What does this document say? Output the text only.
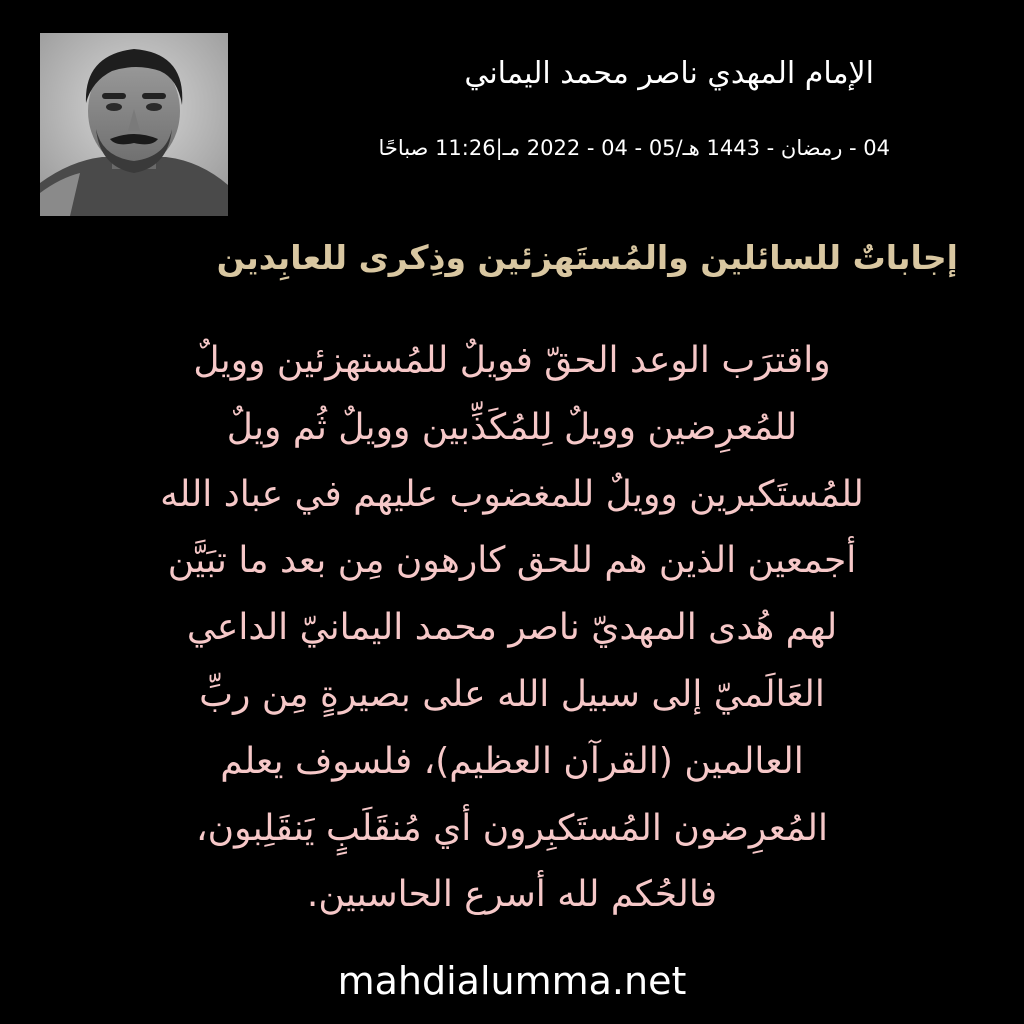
الإمام المهدي ناصر محمد اليماني
04 - رمضان - 1443 هـ/05 - 04 - 2022 مـ|11:26 صباحًا
إجاباتٌ للسائلين والمُستَهزئين وذِكرى للعابِدين
واقترَب الوعد الحقّ فويلٌ للمُستهزئين وويلٌ
للمُعرِضين وويلٌ لِلمُكَذِّبين وويلٌ ثُم ويلٌ
للمُستَكبرين وويلٌ للمغضوب عليهم في عباد الله
أجمعين الذين هم للحق كارهون مِن بعد ما تبَيَّن
لهم هُدى المهديّ ناصر محمد اليمانيّ الداعي
العَالَميّ إلى سبيل الله على بصيرةٍ مِن ربِّ
العالمين (القرآن العظيم)، فلسوف يعلم
المُعرِضون المُستَكبِرون أي مُنقَلَبٍ يَنقَلِبون،
فالحُكم لله أسرع الحاسبين.
mahdialumma.net
